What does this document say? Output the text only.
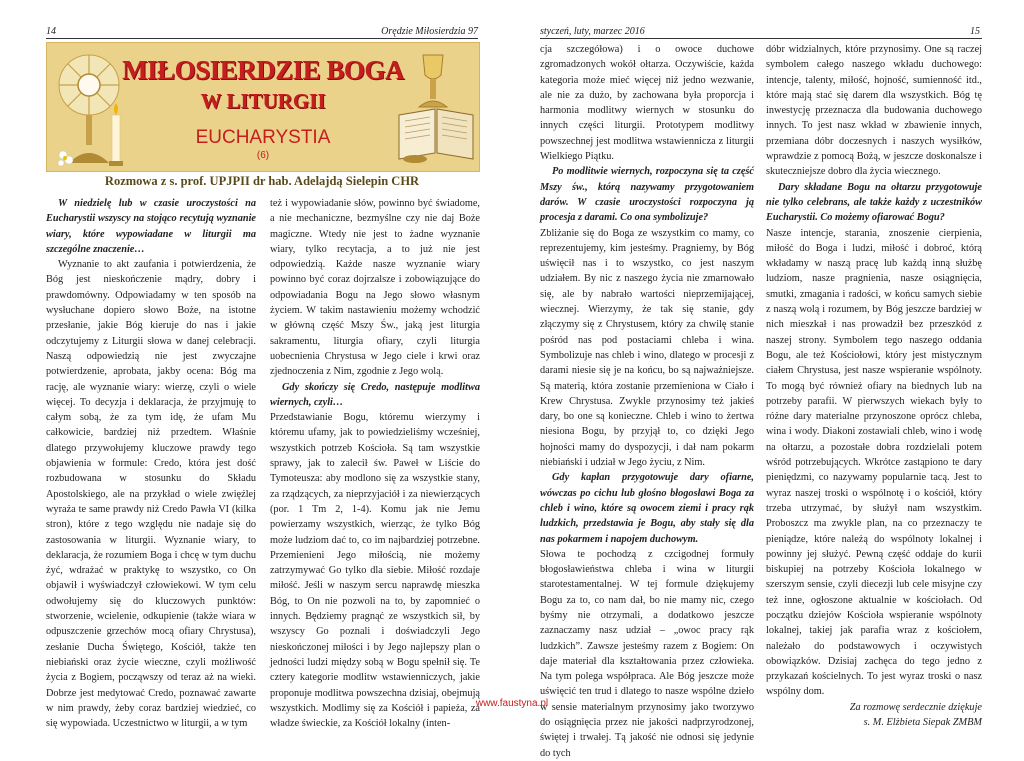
14	Orędzie Miłosierdzia 97
MIŁOSIERDZIE BOGA
W LITURGII
EUCHARYSTIA
(6)
Rozmowa z s. prof. UPJPII dr hab. Adelajdą Sielepin CHR

W niedzielę lub w czasie uroczystości na Eucharystii wszyscy na stojąco recytują wyznanie wiary, które wypowiadane w liturgii ma szczególne znaczenie…

Wyznanie to akt zaufania i potwierdzenia, że Bóg jest nieskończenie mądry, dobry i prawdomówny. Odpowiadamy w ten sposób na wysłuchane dopiero słowo Boże, na istotne przesłanie, jakie Bóg kieruje do nas i jakie odczytujemy z Liturgii słowa w danej celebracji. Naszą odpowiedzią nie jest zwyczajne potwierdzenie, aprobata, jakby ocena: Bóg ma rację, ale wyznanie wiary: wierzę, czyli o wiele więcej. To decyzja i deklaracja, że przyjmuję to całym sobą, że za tym idę, że ufam Mu całkowicie, bardziej niż przedtem. Właśnie dlatego przywołujemy kluczowe prawdy tego objawienia w formule: Credo, która jest dość rozbudowana w stosunku do Składu Apostolskiego, ale na przykład o wiele zwięźlej wyraża te same prawdy niż Credo Pawła VI (kilka stron), które z tego względu nie nadaje się do zastosowania w liturgii. Wyznanie wiary, to deklaracja, że rozumiem Boga i chcę w tym duchu żyć, wdrażać w praktykę to wszystko, co On objawił i wyświadczył człowiekowi. W tym celu odwołujemy się do kluczowych punktów: stworzenie, wcielenie, odkupienie (także wiara w odpuszczenie grzechów mocą ofiary Chrystusa), zesłanie Ducha Świętego, Kościół, także ten niebiański oraz życie wieczne, czyli możliwość życia z Bogiem, począwszy od teraz aż na wieki. Dobrze jest medytować Credo, poznawać zawarte w nim prawdy, żeby coraz bardziej wiedzieć, co się wypowiada. Uczestnictwo w liturgii, a w tym

też i wypowiadanie słów, powinno być świadome, a nie mechaniczne, bezmyślne czy nie daj Boże magiczne. Wtedy nie jest to żadne wyznanie wiary, tylko recytacja, a to już nie jest odpowiedzią. Każde nasze wyznanie wiary powinno być coraz dojrzalsze i zobowiązujące do odpowiadania Bogu na Jego słowo własnym życiem. W takim nastawieniu możemy wchodzić w główną część Mszy Św., jaką jest liturgia sakramentu, liturgia ofiary, czyli liturgia uobecnienia Chrystusa w Jego ciele i krwi oraz zjednoczenia z Nim, zgodnie z Jego wolą.

Gdy skończy się Credo, następuje modlitwa wiernych, czyli…

Przedstawianie Bogu, któremu wierzymy i któremu ufamy, jak to powiedzieliśmy wcześniej, wszystkich potrzeb Kościoła. Są tam wszystkie sprawy, jak to zalecił św. Paweł w Liście do Tymoteusza: aby modlono się za wszystkie stany, za rządzących, za nieprzyjaciół i za niewierzących (por. 1 Tm 2, 1-4). Komu jak nie Jemu powierzamy wszystkich, wierząc, że tylko Bóg może ludziom dać to, co im najbardziej potrzebne. Przemienieni Jego miłością, nie możemy zatrzymywać Go tylko dla siebie. Miłość rozdaje miłość. Jeśli w naszym sercu naprawdę mieszka Bóg, to On nie pozwoli na to, by zapomnieć o innych. Będziemy pragnąć ze wszystkich sił, by wszyscy Go poznali i doświadczyli Jego nieskończonej miłości i by Jego najlepszy plan o jedności ludzi między sobą w Bogu spełnił się. Te cztery kategorie modlitw wstawienniczych, jakie proponuje modlitwa powszechna dzisiaj, obejmują wszystkich. Modlimy się za Kościół i papieża, za władze świeckie, za Kościół lokalny (inten-

styczeń, luty, marzec 2016	15

cja szczegółowa) i o owoce duchowe zgromadzonych wokół ołtarza. Oczywiście, każda kategoria może mieć więcej niż jedno wezwanie, ale nie za dużo, by zachowana była proporcja i harmonia modlitwy wiernych w stosunku do innych części liturgii. Prototypem modlitwy powszechnej jest modlitwa wstawiennicza z liturgii Wielkiego Piątku.

Po modlitwie wiernych, rozpoczyna się ta część Mszy św., którą nazywamy przygotowaniem darów. W czasie uroczystości rozpoczyna ją procesja z darami. Co ona symbolizuje?

Zbliżanie się do Boga ze wszystkim co mamy, co reprezentujemy, kim jesteśmy. Pragniemy, by Bóg uświęcił nas i to wszystko, co jest naszym udziałem. By nic z naszego życia nie zmarnowało się, ale by nabrało wartości nieprzemijającej, wiecznej. Wierzymy, że tak się stanie, gdy złączymy się z Chrystusem, który za chwilę stanie pośród nas pod postaciami chleba i wina. Symbolizuje nas chleb i wino, dlatego w procesji z darami niesie się je na końcu, bo są najważniejsze. Są materią, która zostanie przemieniona w Ciało i Krew Chrystusa. Zwykle przynosimy też jakieś dary, bo one są konieczne. Chleb i wino to żertwa niesiona Bogu, by przyjął to, co dzięki Jego hojności mamy do dyspozycji, i dał nam pokarm niebiański i udział w Jego życiu, z Nim.

Gdy kapłan przygotowuje dary ofiarne, wówczas po cichu lub głośno błogosławi Boga za chleb i wino, które są owocem ziemi i pracy rąk ludzkich, przedstawia je Bogu, aby stały się dla nas pokarmem i napojem duchowym.

Słowa te pochodzą z czcigodnej formuły błogosławieństwa chleba i wina w liturgii starotestamentalnej. W tej formule dziękujemy Bogu za to, co nam dał, bo nie mamy nic, czego byśmy nie otrzymali, a dodatkowo jeszcze zaznaczamy nasz udział – „owoc pracy rąk ludzkich”. Zawsze jesteśmy razem z Bogiem: On daje materiał dla kształtowania przez człowieka. Na tym polega współpraca. Ale Bóg jeszcze może uświęcić ten trud i dlatego to nasze wspólne dzieło w sensie materialnym przynosimy jako tworzywo do osiągnięcia przez nie jakości nadprzyrodzonej, świętej i trwałej. Tą jakość nie odnosi się jedynie do tych

dóbr widzialnych, które przynosimy. One są raczej symbolem całego naszego wkładu duchowego: intencje, talenty, miłość, hojność, sumienność itd., które mają stać się darem dla wszystkich. Bóg tę inwestycję przeznacza dla budowania duchowego innych. To jest nasz wkład w zbawienie innych, przemiana dóbr doczesnych i naszych wysiłków, wprawdzie z pomocą Bożą, w jeszcze doskonalsze i skuteczniejsze dobro dla życia wiecznego.

Dary składane Bogu na ołtarzu przygotowuje nie tylko celebrans, ale także każdy z uczestników Eucharystii. Co możemy ofiarować Bogu?

Nasze intencje, starania, znoszenie cierpienia, miłość do Boga i ludzi, miłość i dobroć, którą wkładamy w naszą pracę lub każdą inną służbę ludziom, nasze pragnienia, nasze osiągnięcia, smutki, zmagania i radości, w końcu samych siebie z naszą wolą i rozumem, by Bóg jeszcze bardziej w nich mieszkał i nas prowadził bez przeszkód z naszej strony. Symbolem tego naszego oddania Bogu, ale też Kościołowi, który jest mistycznym ciałem Chrystusa, jest nasze wspieranie wspólnoty. To mogą być również ofiary na biednych lub na potrzeby parafii. W pierwszych wiekach były to różne dary materialne przynoszone oprócz chleba, wina i wody. Diakoni zostawiali chleb, wino i wodę na ołtarzu, a pozostałe dobra rozdzielali potem wśród potrzebujących. Wkrótce zastąpiono te dary pieniędzmi, co nazywamy popularnie tacą. Jest to wyraz naszej troski o wspólnotę i o kościół, który trzeba utrzymać, by służył nam wszystkim. Proboszcz ma zwykle plan, na co przeznaczy te pieniądze, które należą do wspólnoty lokalnej i powinny jej służyć. Pewną część oddaje do kurii biskupiej na potrzeby Kościoła lokalnego w szerszym sensie, czyli diecezji lub cele misyjne czy też inne, ogłoszone aktualnie w kościołach. Od początku dziejów Kościoła wspieranie wspólnoty lokalnej, takiej jak parafia wraz z kościołem, należało do podstawowych i oczywistych obowiązków. Dzisiaj zachęca do tego jedno z przykazań kościelnych. To jest wyraz troski o nasz wspólny dom.

Za rozmowę serdecznie dziękuje

s. M. Elżbieta Siepak ZMBM

www.faustyna.pl
